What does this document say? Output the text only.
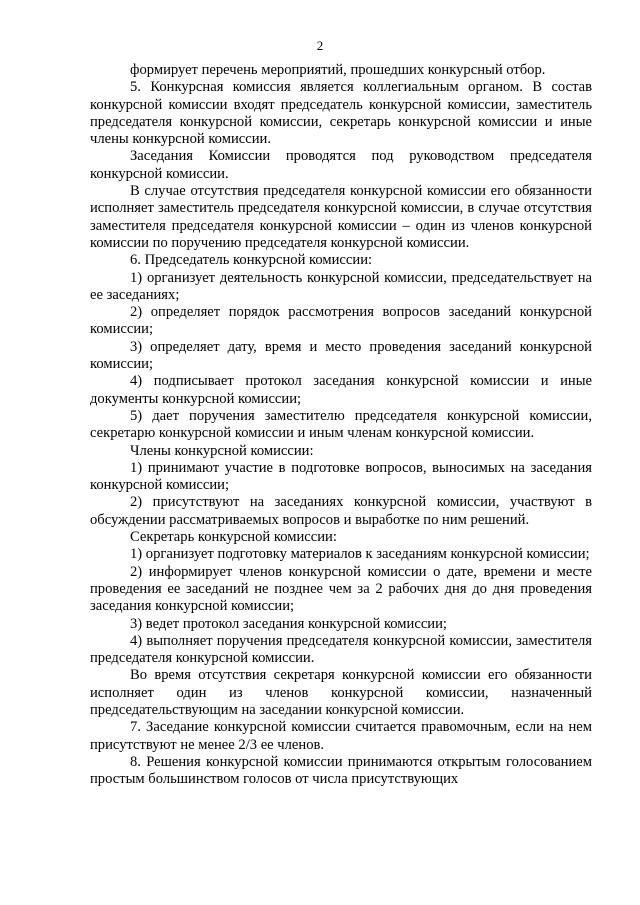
2

формирует перечень мероприятий, прошедших конкурсный отбор.

5. Конкурсная комиссия является коллегиальным органом. В состав конкурсной комиссии входят председатель конкурсной комиссии, заместитель председателя конкурсной комиссии, секретарь конкурсной комиссии и иные члены конкурсной комиссии.

Заседания Комиссии проводятся под руководством председателя конкурсной комиссии.

В случае отсутствия председателя конкурсной комиссии его обязанности исполняет заместитель председателя конкурсной комиссии, в случае отсутствия заместителя председателя конкурсной комиссии – один из членов конкурсной комиссии по поручению председателя конкурсной комиссии.

6. Председатель конкурсной комиссии:

1) организует деятельность конкурсной комиссии, председательствует на ее заседаниях;

2) определяет порядок рассмотрения вопросов заседаний конкурсной комиссии;

3) определяет дату, время и место проведения заседаний конкурсной комиссии;

4) подписывает протокол заседания конкурсной комиссии и иные документы конкурсной комиссии;

5) дает поручения заместителю председателя конкурсной комиссии, секретарю конкурсной комиссии и иным членам конкурсной комиссии.

Члены конкурсной комиссии:

1) принимают участие в подготовке вопросов, выносимых на заседания конкурсной комиссии;

2) присутствуют на заседаниях конкурсной комиссии, участвуют в обсуждении рассматриваемых вопросов и выработке по ним решений.

Секретарь конкурсной комиссии:

1) организует подготовку материалов к заседаниям конкурсной комиссии;

2) информирует членов конкурсной комиссии о дате, времени и месте проведения ее заседаний не позднее чем за 2 рабочих дня до дня проведения заседания конкурсной комиссии;

3) ведет протокол заседания конкурсной комиссии;

4) выполняет поручения председателя конкурсной комиссии, заместителя председателя конкурсной комиссии.

Во время отсутствия секретаря конкурсной комиссии его обязанности исполняет один из членов конкурсной комиссии, назначенный председательствующим на заседании конкурсной комиссии.

7. Заседание конкурсной комиссии считается правомочным, если на нем присутствуют не менее 2/3 ее членов.

8. Решения конкурсной комиссии принимаются открытым голосованием простым большинством голосов от числа присутствующих
